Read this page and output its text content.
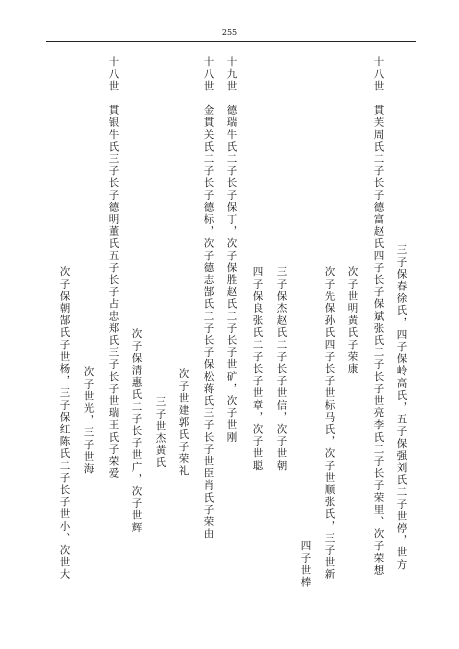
255
十八世　貫芙周氏二子长子德富赵氏四子长子保斌张氏二子长子世亮李氏二子长子荣里、次子荣想 三子保春徐氏，四子保岭高氏，五子保强刘氏二子世停，世方
次子世明黄氏子荣康
次子先保孙氏四子长子世标马氏，次子世顺张氏，三子世新
四子世棒
十九世　德瑞牛氏二子长子保丁，次子保胜赵氏二子长子世矿，次子世刚
十八世　金貫关氏二子长子德标，次子德志郜氏二子长子保松蒋氏三子长子世臣肖氏子荣由	三子保杰赵氏二子长子世信，次子世朝
四子保良张氏二子长子世章，次子世聪
次子世建郭氏子荣礼
三子世杰黄氏
十八世　貫银牛氏三子长子德明董氏五子长子占忠郑氏三子长子世瑞王氏子荣爱 次子保清惠氏二子长子世广，次子世辉
次子世光，三子世海
次子保朝郜氏子世杨，三子保红陈氏二子长子世小、次世大
